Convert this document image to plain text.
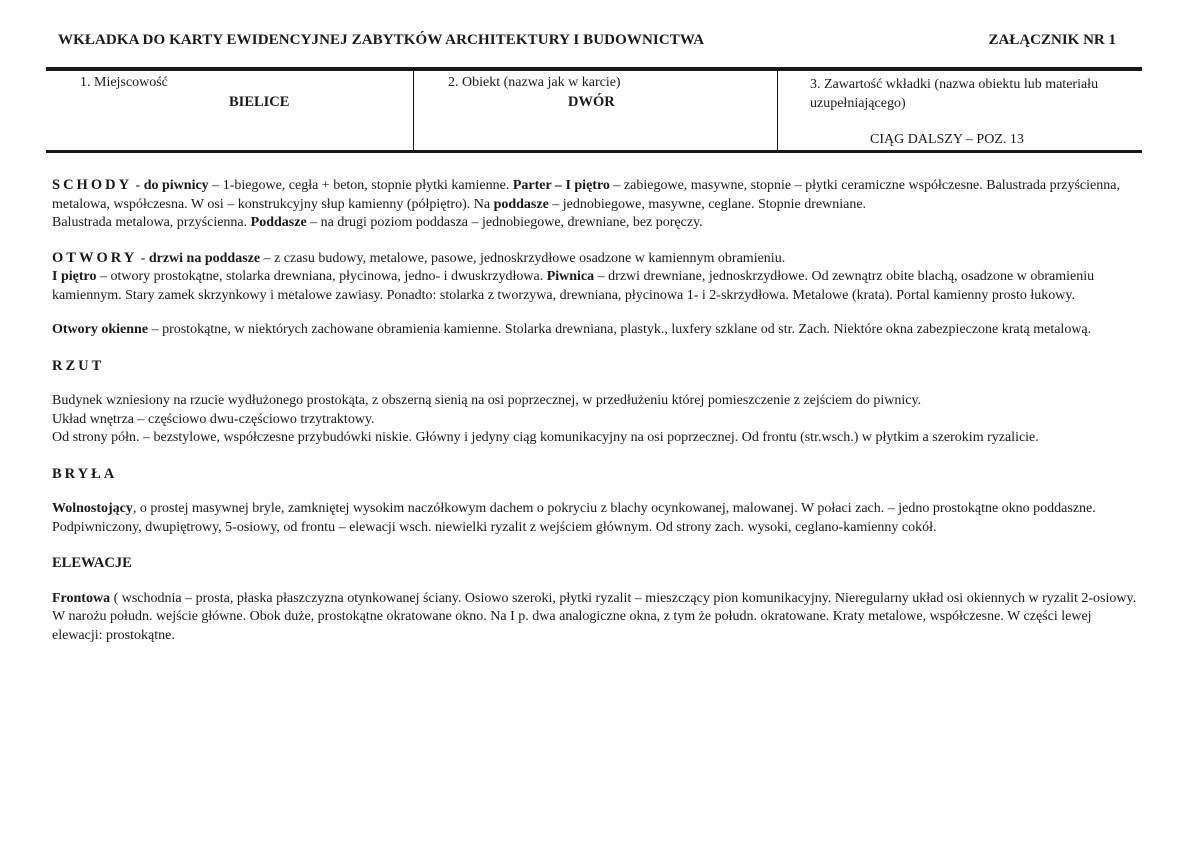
WKŁADKA DO KARTY EWIDENCYJNEJ ZABYTKÓW ARCHITEKTURY I BUDOWNICTWA	ZAŁĄCZNIK NR 1
1. Miejscowość
BIELICE
2. Obiekt (nazwa jak w karcie)
DWÓR
3. Zawartość wkładki (nazwa obiektu lub materiału uzupełniającego)
CIĄG DALSZY – POZ. 13

SCHODY - do piwnicy – 1-biegowe, cegła + beton, stopnie płytki kamienne. Parter – I piętro – zabiegowe, masywne, stopnie – płytki ceramiczne współczesne. Balustrada przyścienna, metalowa, współczesna. W osi – konstrukcyjny słup kamienny (półpiętro). Na poddasze – jednobiegowe, masywne, ceglane. Stopnie drewniane.

Balustrada metalowa, przyścienna. Poddasze – na drugi poziom poddasza – jednobiegowe, drewniane, bez poręczy.

OTWORY - drzwi na poddasze – z czasu budowy, metalowe, pasowe, jednoskrzydłowe osadzone w kamiennym obramieniu.

I piętro – otwory prostokątne, stolarka drewniana, płycinowa, jedno- i dwuskrzydłowa. Piwnica – drzwi drewniane, jednoskrzydłowe. Od zewnątrz obite blachą, osadzone w obramieniu kamiennym. Stary zamek skrzynkowy i metalowe zawiasy. Ponadto: stolarka z tworzywa, drewniana, płycinowa 1- i 2-skrzydłowa. Metalowe (krata). Portal kamienny prosto łukowy.

Otwory okienne – prostokątne, w niektórych zachowane obramienia kamienne. Stolarka drewniana, plastyk., luxfery szklane od str. Zach. Niektóre okna zabezpieczone kratą metalową.

RZUT

Budynek wzniesiony na rzucie wydłużonego prostokąta, z obszerną sienią na osi poprzecznej, w przedłużeniu której pomieszczenie z zejściem do piwnicy.

Układ wnętrza – częściowo dwu-częściowo trzytraktowy.

Od strony półn. – bezstylowe, współczesne przybudówki niskie. Główny i jedyny ciąg komunikacyjny na osi poprzecznej. Od frontu (str.wsch.) w płytkim a szerokim ryzalicie.

BRYŁA

Wolnostojący, o prostej masywnej bryle, zamkniętej wysokim naczółkowym dachem o pokryciu z blachy ocynkowanej, malowanej. W połaci zach. – jedno prostokątne okno poddaszne. Podpiwniczony, dwupiętrowy, 5-osiowy, od frontu – elewacji wsch. niewielki ryzalit z wejściem głównym. Od strony zach. wysoki, ceglano-kamienny cokół.

ELEWACJE

Frontowa ( wschodnia – prosta, płaska płaszczyzna otynkowanej ściany. Osiowo szeroki, płytki ryzalit – mieszczący pion komunikacyjny. Nieregularny układ osi okiennych w ryzalit 2-osiowy. W narożu połudn. wejście główne. Obok duże, prostokątne okratowane okno. Na I p. dwa analogiczne okna, z tym że połudn. okratowane. Kraty metalowe, współczesne. W części lewej elewacji: prostokątne.
